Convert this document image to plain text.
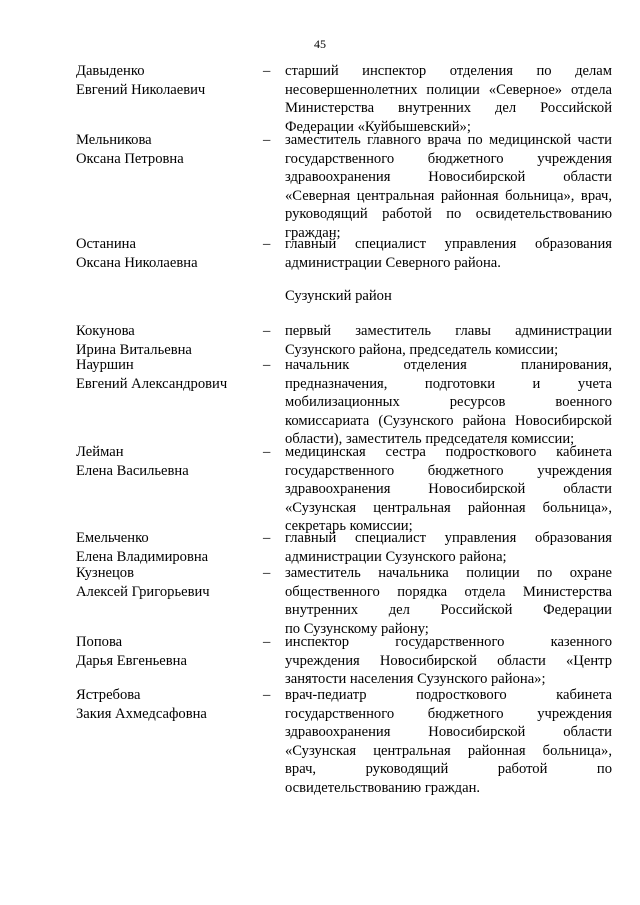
45
Сузунский район
Давыденко
Евгений Николаевич
– старший инспектор отделения по делам
несовершеннолетних полиции «Северное» отдела
Министерства внутренних дел Российской
Федерации «Куйбышевский»;
Мельникова
Оксана Петровна
– заместитель главного врача по медицинской части
государственного бюджетного учреждения
здравоохранения Новосибирской области
«Северная центральная районная больница», врач,
руководящий работой по освидетельствованию
граждан;
Останина
Оксана Николаевна
– главный специалист управления образования
администрации Северного района.
Кокунова
Ирина Витальевна
– первый заместитель главы администрации
Сузунского района, председатель комиссии;
Науршин
Евгений Александрович
– начальник отделения планирования,
предназначения, подготовки и учета
мобилизационных ресурсов военного
комиссариата (Сузунского района Новосибирской
области), заместитель председателя комиссии;
Лейман
Елена Васильевна
– медицинская сестра подросткового кабинета
государственного бюджетного учреждения
здравоохранения Новосибирской области
«Сузунская центральная районная больница»,
секретарь комиссии;
Емельченко
Елена Владимировна
– главный специалист управления образования
администрации Сузунского района;
Кузнецов
Алексей Григорьевич
– заместитель начальника полиции по охране
общественного порядка отдела Министерства
внутренних дел Российской Федерации
по Сузунскому району;
Попова
Дарья Евгеньевна
– инспектор государственного казенного
учреждения Новосибирской области «Центр
занятости населения Сузунского района»;
Ястребова
Закия Ахмедсафовна
– врач-педиатр подросткового кабинета
государственного бюджетного учреждения
здравоохранения Новосибирской области
«Сузунская центральная районная больница»,
врач, руководящий работой по
освидетельствованию граждан.
